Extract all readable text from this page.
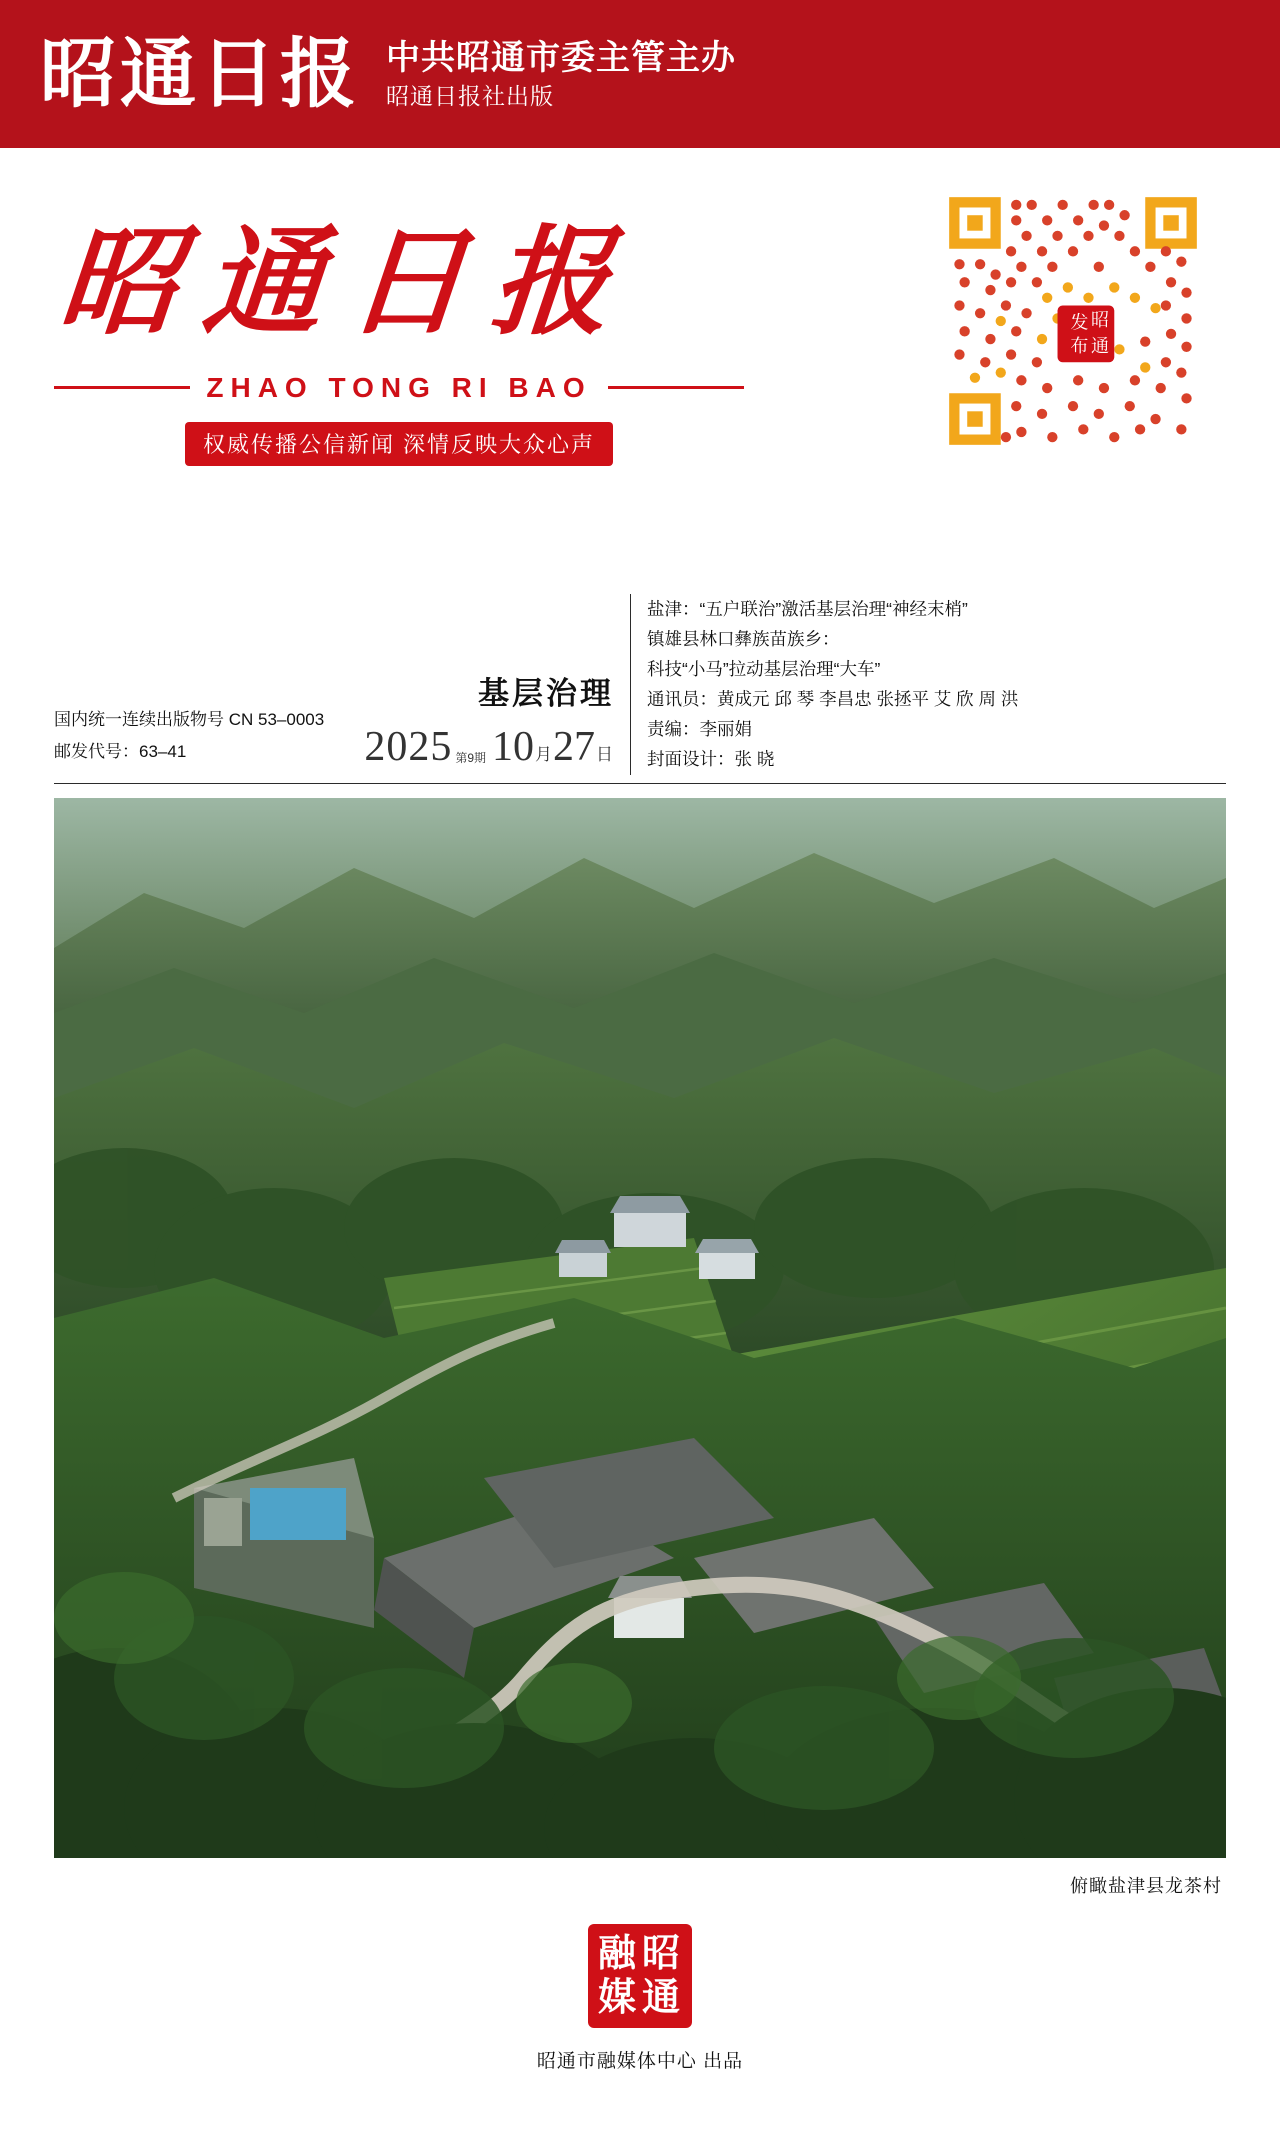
昭通日报 中共昭通市委主管主办
昭通日报社出版
昭通日报
ZHAO TONG RI BAO
权威传播公信新闻 深情反映大众心声
发 昭
布 通
国内统一连续出版物号 CN 53–0003
邮发代号：63–41
基层治理
2025 第9期 10 月 27 日
盐津：“五户联治”激活基层治理“神经末梢”
镇雄县林口彝族苗族乡：
科技“小马”拉动基层治理“大车”
通讯员：黄成元 邱 琴 李昌忠 张拯平 艾 欣 周 洪
责编：李丽娟
封面设计：张 晓
俯瞰盐津县龙茶村
融 昭
媒 通
昭通市融媒体中心 出品
